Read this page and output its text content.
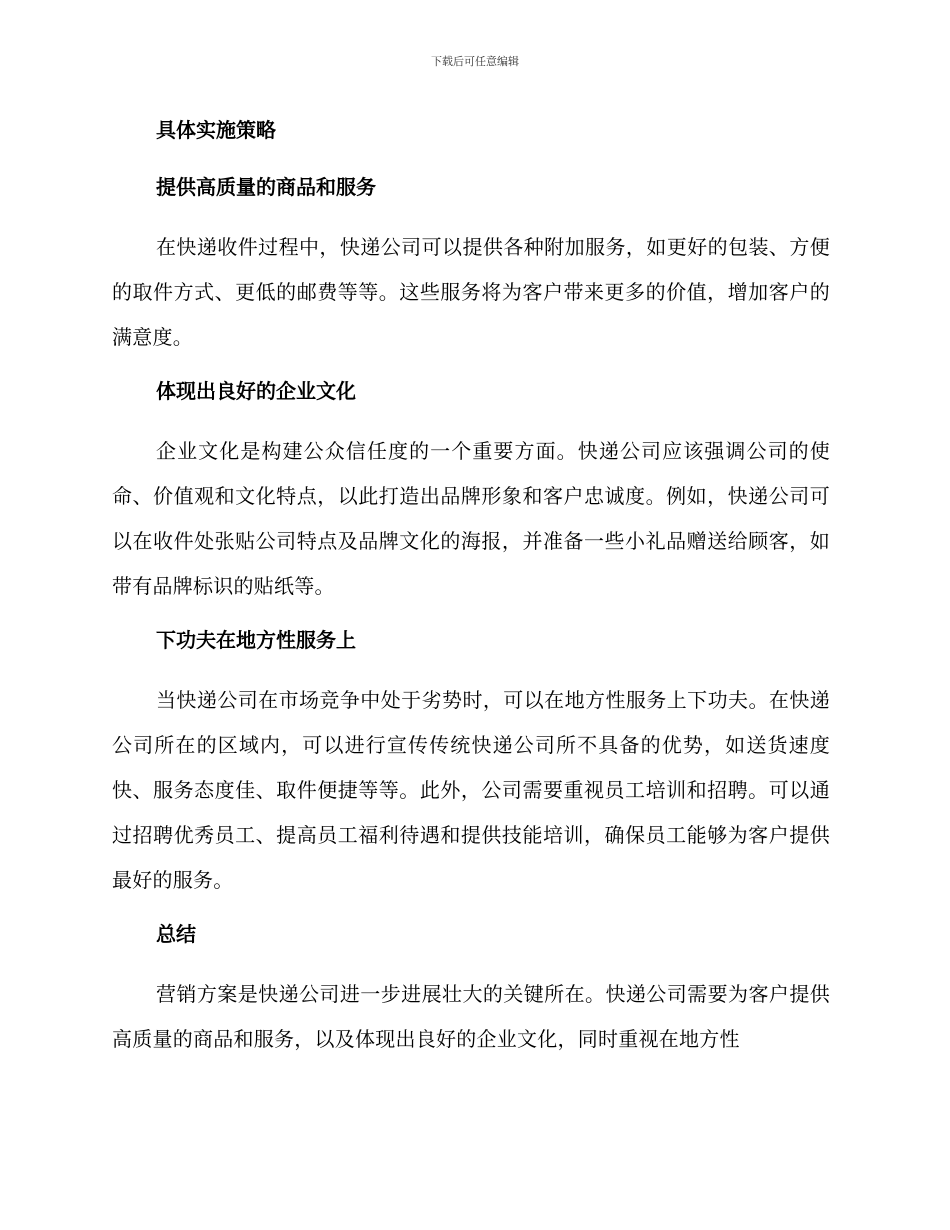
下载后可任意编辑
具体实施策略
提供高质量的商品和服务

在快递收件过程中，快递公司可以提供各种附加服务，如更好的包装、方便的取件方式、更低的邮费等等。这些服务将为客户带来更多的价值，增加客户的满意度。

体现出良好的企业文化

企业文化是构建公众信任度的一个重要方面。快递公司应该强调公司的使命、价值观和文化特点，以此打造出品牌形象和客户忠诚度。例如，快递公司可以在收件处张贴公司特点及品牌文化的海报，并准备一些小礼品赠送给顾客，如带有品牌标识的贴纸等。

下功夫在地方性服务上

当快递公司在市场竞争中处于劣势时，可以在地方性服务上下功夫。在快递公司所在的区域内，可以进行宣传传统快递公司所不具备的优势，如送货速度快、服务态度佳、取件便捷等等。此外，公司需要重视员工培训和招聘。可以通过招聘优秀员工、提高员工福利待遇和提供技能培训，确保员工能够为客户提供最好的服务。

总结

营销方案是快递公司进一步进展壮大的关键所在。快递公司需要为客户提供高质量的商品和服务，以及体现出良好的企业文化，同时重视在地方性
